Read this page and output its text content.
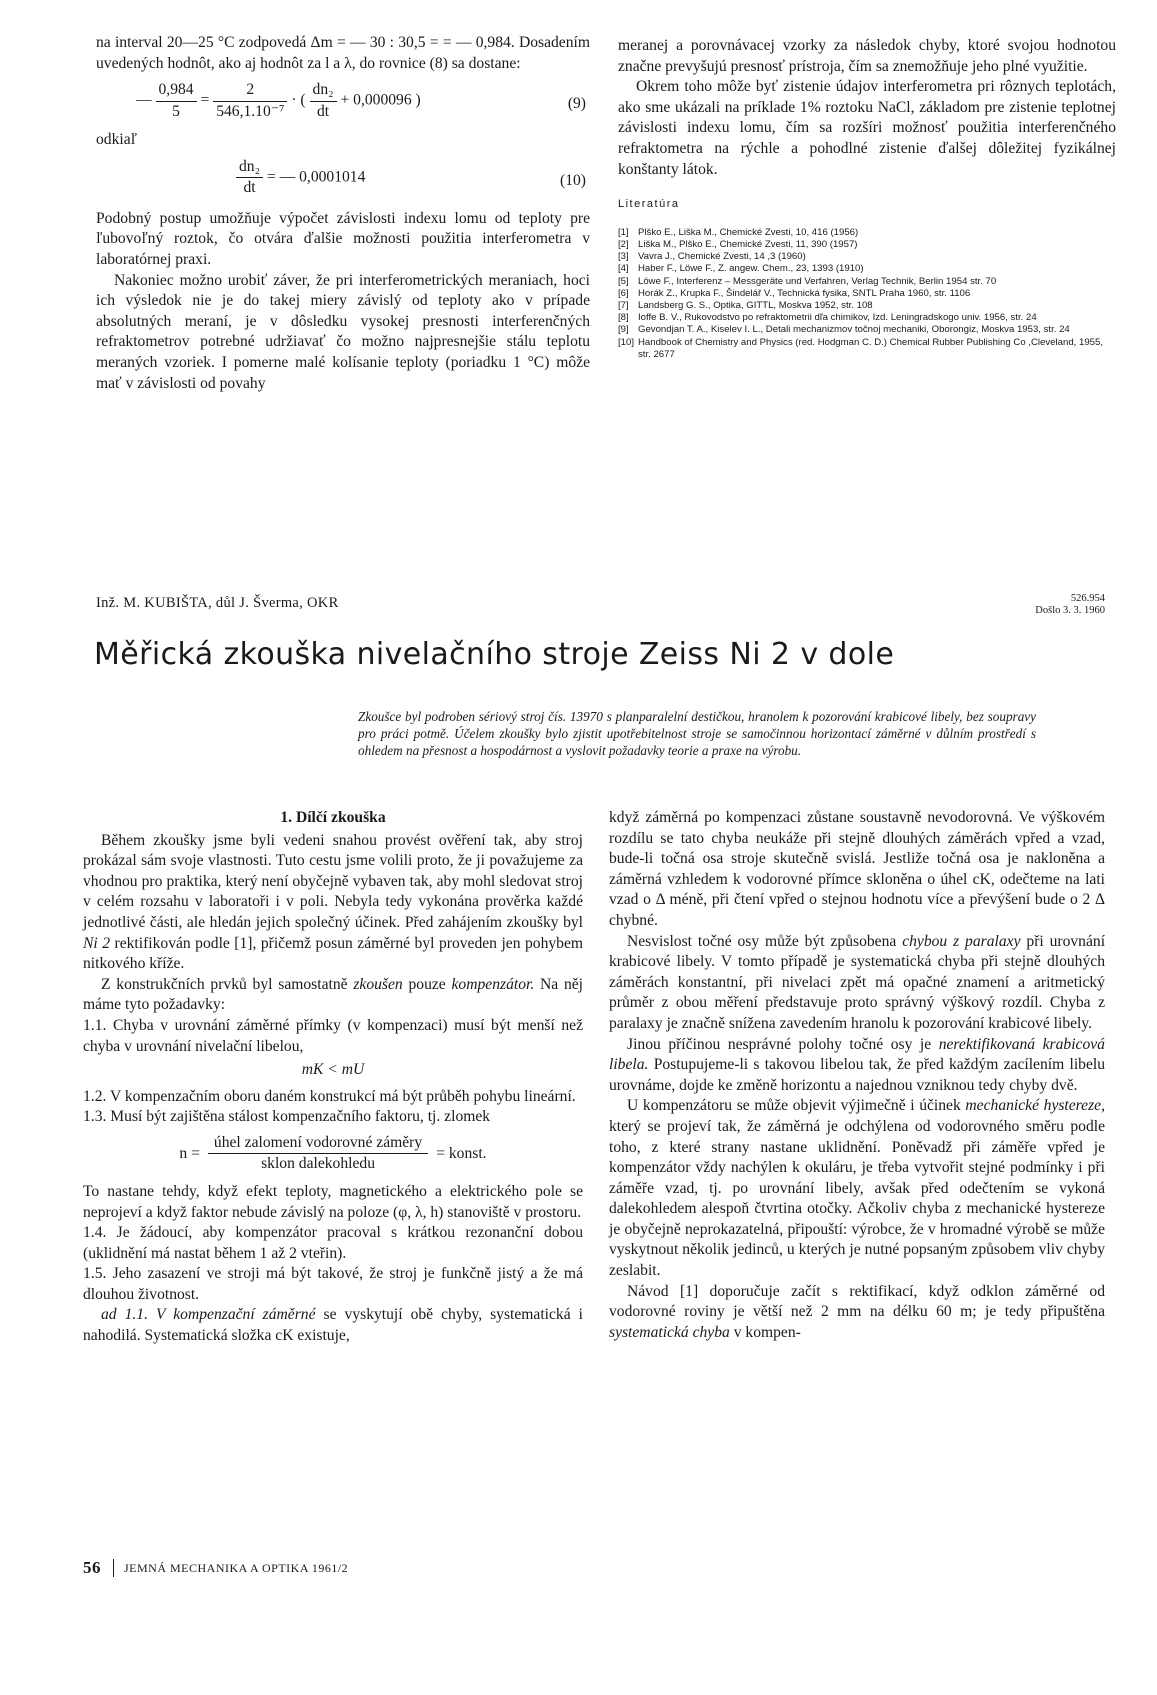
na interval 20—25 °C zodpovedá Δm = — 30 : 30,5 = = — 0,984. Dosadením uvedených hodnôt, ako aj hodnôt za l a λ, do rovnice (8) sa dostane:

— $\frac{0,984}{5} = \frac{2}{\text{546,1.10⁻⁷}}$ · ( $\frac{\text{dn₂}}{dt} + 0,000096$ )	(9)

odkiaľ

$\frac{\text{dn₂}}{dt}$ = — 0,0001014	(10)

Podobný postup umožňuje výpočet závislosti indexu lomu od teploty pre ľubovoľný roztok, čo otvára ďalšie možnosti použitia interferometra v laboratórnej praxi.

Nakoniec možno urobiť záver, že pri interferometrických meraniach, hoci ich výsledok nie je do takej miery závislý od teploty ako v prípade absolutných meraní, je v dôsledku vysokej presnosti interferenčných refraktometrov potrebné udržiavať čo možno najpresnejšie stálu teplotu meraných vzoriek. I pomerne malé kolísanie teploty (poriadku 1 °C) môže mať v závislosti od povahy

meranej a porovnávacej vzorky za následok chyby, ktoré svojou hodnotou značne prevyšujú presnosť prístroja, čím sa znemožňuje jeho plné využitie.

Okrem toho môže byť zistenie údajov interferometra pri rôznych teplotách, ako sme ukázali na príklade 1% roztoku NaCl, základom pre zistenie teplotnej závislosti indexu lomu, čím sa rozšíri možnosť použitia interferenčného refraktometra na rýchle a pohodlné zistenie ďalšej dôležitej fyzikálnej konštanty látok.

Literatúra
[1] Plško E., Liška M., Chemické Zvesti, 10, 416 (1956)
[2] Liška M., Plško E., Chemické Zvesti, 11, 390 (1957)
[3] Vavra J., Chemické Zvesti, 14 ,3 (1960)
[4] Haber F., Löwe F., Z. angew. Chem., 23, 1393 (1910)
[5] Löwe F., Interferenz – Messgeräte und Verfahren, Verlag Technik, Berlin 1954 str. 70
[6] Horák Z., Krupka F., Šindelář V., Technická fysika, SNTL Praha 1960, str. 1106
[7] Landsberg G. S., Optika, GITTL, Moskva 1952, str. 108
[8] Ioffe B. V., Rukovodstvo po refraktometrii dľa chimikov, Izd. Leningradskogo univ. 1956, str. 24
[9] Gevondjan T. A., Kiselev I. L., Detali mechanizmov točnoj mechaniki, Oborongiz, Moskva 1953, str. 24
[10] Handbook of Chemistry and Physics (red. Hodgman C. D.) Chemical Rubber Publishing Co ,Cleveland, 1955, str. 2677
Inž. M. KUBIŠTA, důl J. Šverma, OKR	526.954
Došlo 3. 3. 1960
Měřická zkouška nivelačního stroje Zeiss Ni 2 v dole
Zkoušce byl podroben sériový stroj čís. 13970 s planparalelní destičkou, hranolem k pozorování krabicové libely, bez soupravy pro práci potmě. Účelem zkoušky bylo zjistit upotřebitelnost stroje se samočinnou horizontací záměrné v důlním prostředí s ohledem na přesnost a hospodárnost a vyslovit požadavky teorie a praxe na výrobu.
1. Dílčí zkouška

Během zkoušky jsme byli vedeni snahou provést ověření tak, aby stroj prokázal sám svoje vlastnosti. Tuto cestu jsme volili proto, že ji považujeme za vhodnou pro praktika, který není obyčejně vybaven tak, aby mohl sledovat stroj v celém rozsahu v laboratoři i v poli. Nebyla tedy vykonána prověrka každé jednotlivé části, ale hledán jejich společný účinek. Před zahájením zkoušky byl Ni 2 rektifikován podle [1], přičemž posun záměrné byl proveden jen pohybem nitkového kříže.

Z konstrukčních prvků byl samostatně zkoušen pouze kompenzátor. Na něj máme tyto požadavky:

1.1. Chyba v urovnání záměrné přímky (v kompenzaci) musí být menší než chyba v urovnání nivelační libelou,

mK < mU

1.2. V kompenzačním oboru daném konstrukcí má být průběh pohybu lineární.

1.3. Musí být zajištěna stálost kompenzačního faktoru, tj. zlomek

$n = \frac{\text{úhel zalomení vodorovné záměry}}{\text{sklon dalekohledu}}$ = konst.

To nastane tehdy, když efekt teploty, magnetického a elektrického pole se neprojeví a když faktor nebude závislý na poloze (φ, λ, h) stanoviště v prostoru.

1.4. Je žádoucí, aby kompenzátor pracoval s krátkou rezonanční dobou (uklidnění má nastat během 1 až 2 vteřin).

1.5. Jeho zasazení ve stroji má být takové, že stroj je funkčně jistý a že má dlouhou životnost.

ad 1.1. V kompenzační záměrné se vyskytují obě chyby, systematická i nahodilá. Systematická složka cK existuje,

když záměrná po kompenzaci zůstane soustavně nevodorovná. Ve výškovém rozdílu se tato chyba neukáže při stejně dlouhých záměrách vpřed a vzad, bude-li točná osa stroje skutečně svislá. Jestliže točná osa je nakloněna a záměrná vzhledem k vodorovné přímce skloněna o úhel cK, odečteme na lati vzad o Δ méně, při čtení vpřed o stejnou hodnotu více a převýšení bude o 2 Δ chybné.

Nesvislost točné osy může být způsobena chybou z paralaxy při urovnání krabicové libely. V tomto případě je systematická chyba při stejně dlouhých záměrách konstantní, při nivelaci zpět má opačné znamení a aritmetický průměr z obou měření představuje proto správný výškový rozdíl. Chyba z paralaxy je značně snížena zavedením hranolu k pozorování krabicové libely.

Jinou příčinou nesprávné polohy točné osy je nerektifikovaná krabicová libela. Postupujeme-li s takovou libelou tak, že před každým zacílením libelu urovnáme, dojde ke změně horizontu a najednou vzniknou tedy chyby dvě.

U kompenzátoru se může objevit výjimečně i účinek mechanické hystereze, který se projeví tak, že záměrná je odchýlena od vodorovného směru podle toho, z které strany nastane uklidnění. Poněvadž při záměře vpřed je kompenzátor vždy nachýlen k okuláru, je třeba vytvořit stejné podmínky i při záměře vzad, tj. po urovnání libely, avšak před odečtením se vykoná dalekohledem alespoň čtvrtina otočky. Ačkoliv chyba z mechanické hystereze je obyčejně neprokazatelná, připouští: výrobce, že v hromadné výrobě se může vyskytnout několik jedinců, u kterých je nutné popsaným způsobem vliv chyby zeslabit.

Návod [1] doporučuje začít s rektifikací, když odklon záměrné od vodorovné roviny je větší než 2 mm na délku 60 m; je tedy připuštěna systematická chyba v kompen-

56 JEMNÁ MECHANIKA A OPTIKA 1961/2
